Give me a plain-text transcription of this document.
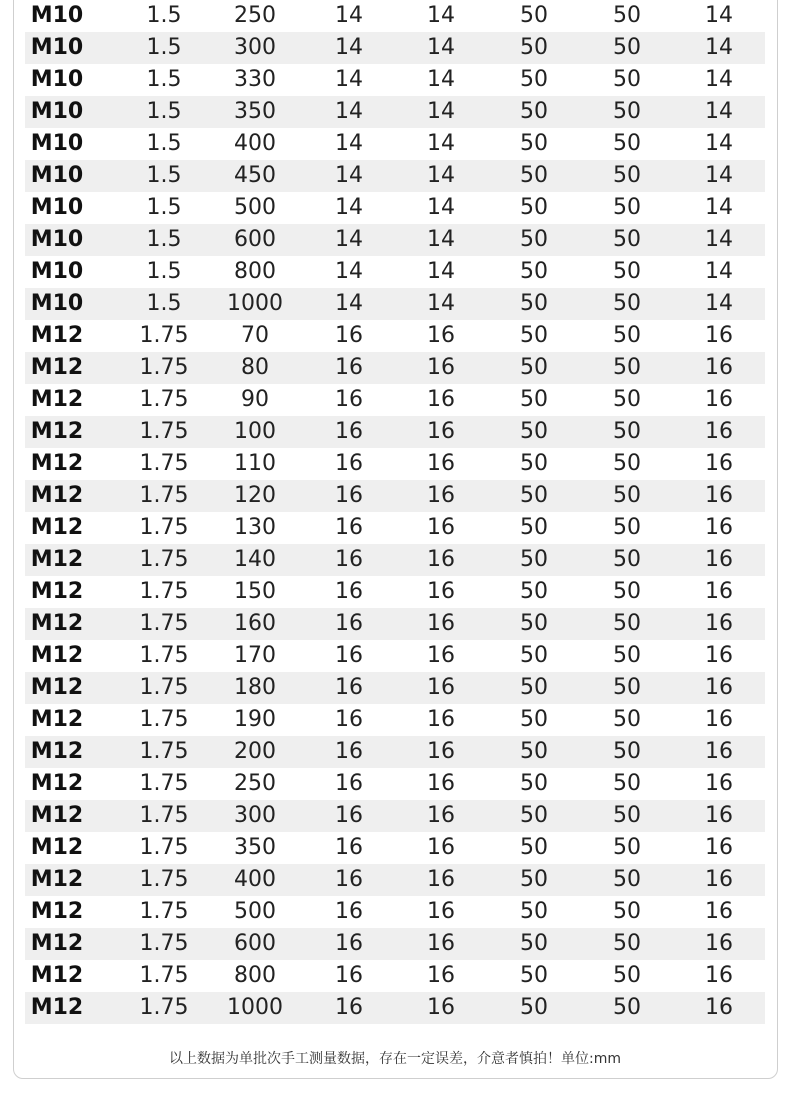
M10	1.5	250	14	14	50	50	14
M10	1.5	300	14	14	50	50	14
M10	1.5	330	14	14	50	50	14
M10	1.5	350	14	14	50	50	14
M10	1.5	400	14	14	50	50	14
M10	1.5	450	14	14	50	50	14
M10	1.5	500	14	14	50	50	14
M10	1.5	600	14	14	50	50	14
M10	1.5	800	14	14	50	50	14
M10	1.5	1000	14	14	50	50	14
M12	1.75	70	16	16	50	50	16
M12	1.75	80	16	16	50	50	16
M12	1.75	90	16	16	50	50	16
M12	1.75	100	16	16	50	50	16
M12	1.75	110	16	16	50	50	16
M12	1.75	120	16	16	50	50	16
M12	1.75	130	16	16	50	50	16
M12	1.75	140	16	16	50	50	16
M12	1.75	150	16	16	50	50	16
M12	1.75	160	16	16	50	50	16
M12	1.75	170	16	16	50	50	16
M12	1.75	180	16	16	50	50	16
M12	1.75	190	16	16	50	50	16
M12	1.75	200	16	16	50	50	16
M12	1.75	250	16	16	50	50	16
M12	1.75	300	16	16	50	50	16
M12	1.75	350	16	16	50	50	16
M12	1.75	400	16	16	50	50	16
M12	1.75	500	16	16	50	50	16
M12	1.75	600	16	16	50	50	16
M12	1.75	800	16	16	50	50	16
M12	1.75	1000	16	16	50	50	16
以上数据为单批次手工测量数据，存在一定误差，介意者慎拍！单位:mm
